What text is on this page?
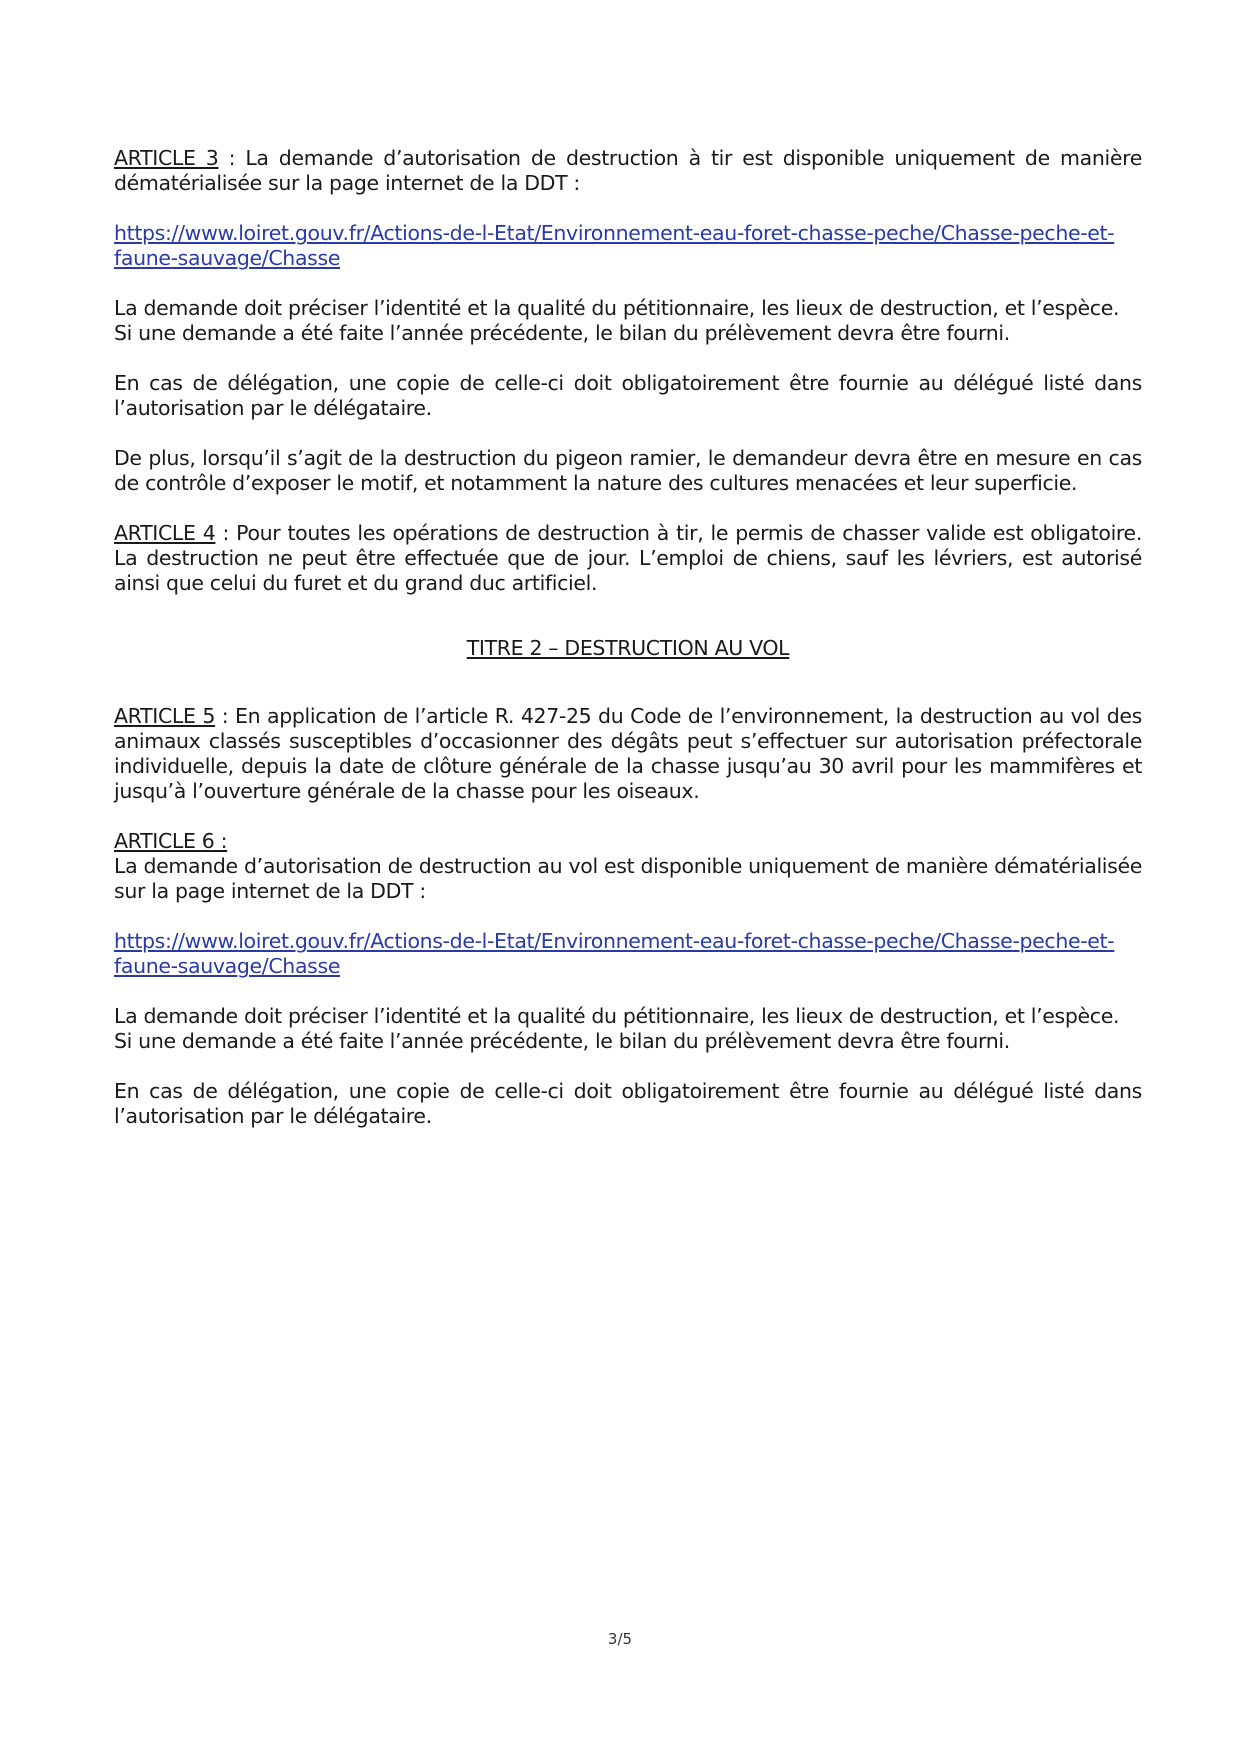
ARTICLE 3 : La demande d’autorisation de destruction à tir est disponible uniquement de manière dématérialisée sur la page internet de la DDT :

https://www.loiret.gouv.fr/Actions-de-l-Etat/Environnement-eau-foret-chasse-peche/Chasse-peche-et-faune-sauvage/Chasse

La demande doit préciser l’identité et la qualité du pétitionnaire, les lieux de destruction, et l’espèce.
Si une demande a été faite l’année précédente, le bilan du prélèvement devra être fourni.

En cas de délégation, une copie de celle-ci doit obligatoirement être fournie au délégué listé dans l’autorisation par le délégataire.

De plus, lorsqu’il s’agit de la destruction du pigeon ramier, le demandeur devra être en mesure en cas de contrôle d’exposer le motif, et notamment la nature des cultures menacées et leur superficie.

ARTICLE 4 : Pour toutes les opérations de destruction à tir, le permis de chasser valide est obligatoire. La destruction ne peut être effectuée que de jour. L’emploi de chiens, sauf les lévriers, est autorisé ainsi que celui du furet et du grand duc artificiel.

TITRE 2 – DESTRUCTION AU VOL

ARTICLE 5 : En application de l’article R. 427-25 du Code de l’environnement, la destruction au vol des animaux classés susceptibles d’occasionner des dégâts peut s’effectuer sur autorisation préfectorale individuelle, depuis la date de clôture générale de la chasse jusqu’au 30 avril pour les mammifères et jusqu’à l’ouverture générale de la chasse pour les oiseaux.

ARTICLE 6 :

La demande d’autorisation de destruction au vol est disponible uniquement de manière dématérialisée sur la page internet de la DDT :

https://www.loiret.gouv.fr/Actions-de-l-Etat/Environnement-eau-foret-chasse-peche/Chasse-peche-et-faune-sauvage/Chasse

La demande doit préciser l’identité et la qualité du pétitionnaire, les lieux de destruction, et l’espèce.
Si une demande a été faite l’année précédente, le bilan du prélèvement devra être fourni.

En cas de délégation, une copie de celle-ci doit obligatoirement être fournie au délégué listé dans l’autorisation par le délégataire.

3/5
